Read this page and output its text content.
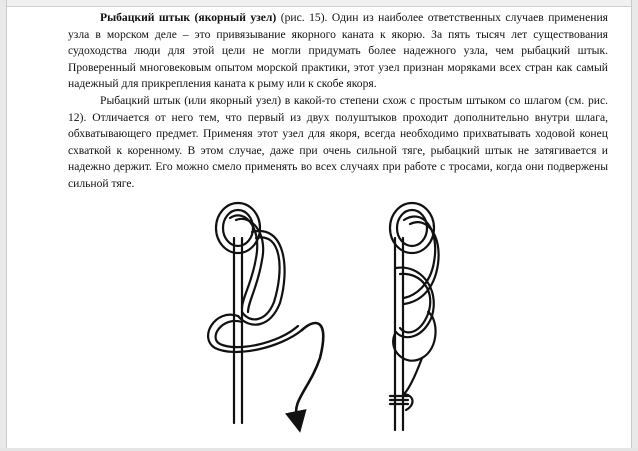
Рыбацкий штык (якорный узел) (рис. 15). Один из наиболее ответственных случаев применения узла в морском деле – это привязывание якорного каната к якорю. За пять тысяч лет существования судоходства люди для этой цели не могли придумать более надежного узла, чем рыбацкий штык. Проверенный многовековым опытом морской практики, этот узел признан моряками всех стран как самый надежный для прикрепления каната к рыму или к скобе якоря.

Рыбацкий штык (или якорный узел) в какой-то степени схож с простым штыком со шлагом (см. рис. 12). Отличается от него тем, что первый из двух полуштыков проходит дополнительно внутри шлага, обхватывающего предмет. Применяя этот узел для якоря, всегда необходимо прихватывать ходовой конец схваткой к коренному. В этом случае, даже при очень сильной тяге, рыбацкий штык не затягивается и надежно держит. Его можно смело применять во всех случаях при работе с тросами, когда они подвержены сильной тяге.
